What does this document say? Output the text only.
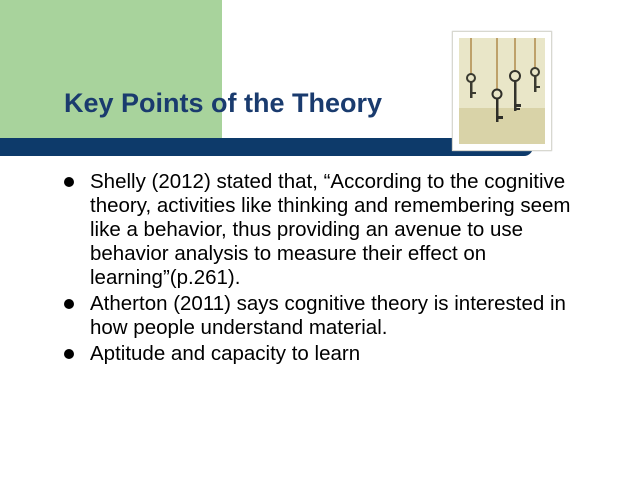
Key Points of the Theory
Shelly (2012) stated that, “According to the cognitive theory, activities like thinking and remembering seem like a behavior, thus providing an avenue to use behavior analysis to measure their effect on learning”(p.261).
Atherton (2011) says cognitive theory is interested in how people understand material.
Aptitude and capacity to learn
